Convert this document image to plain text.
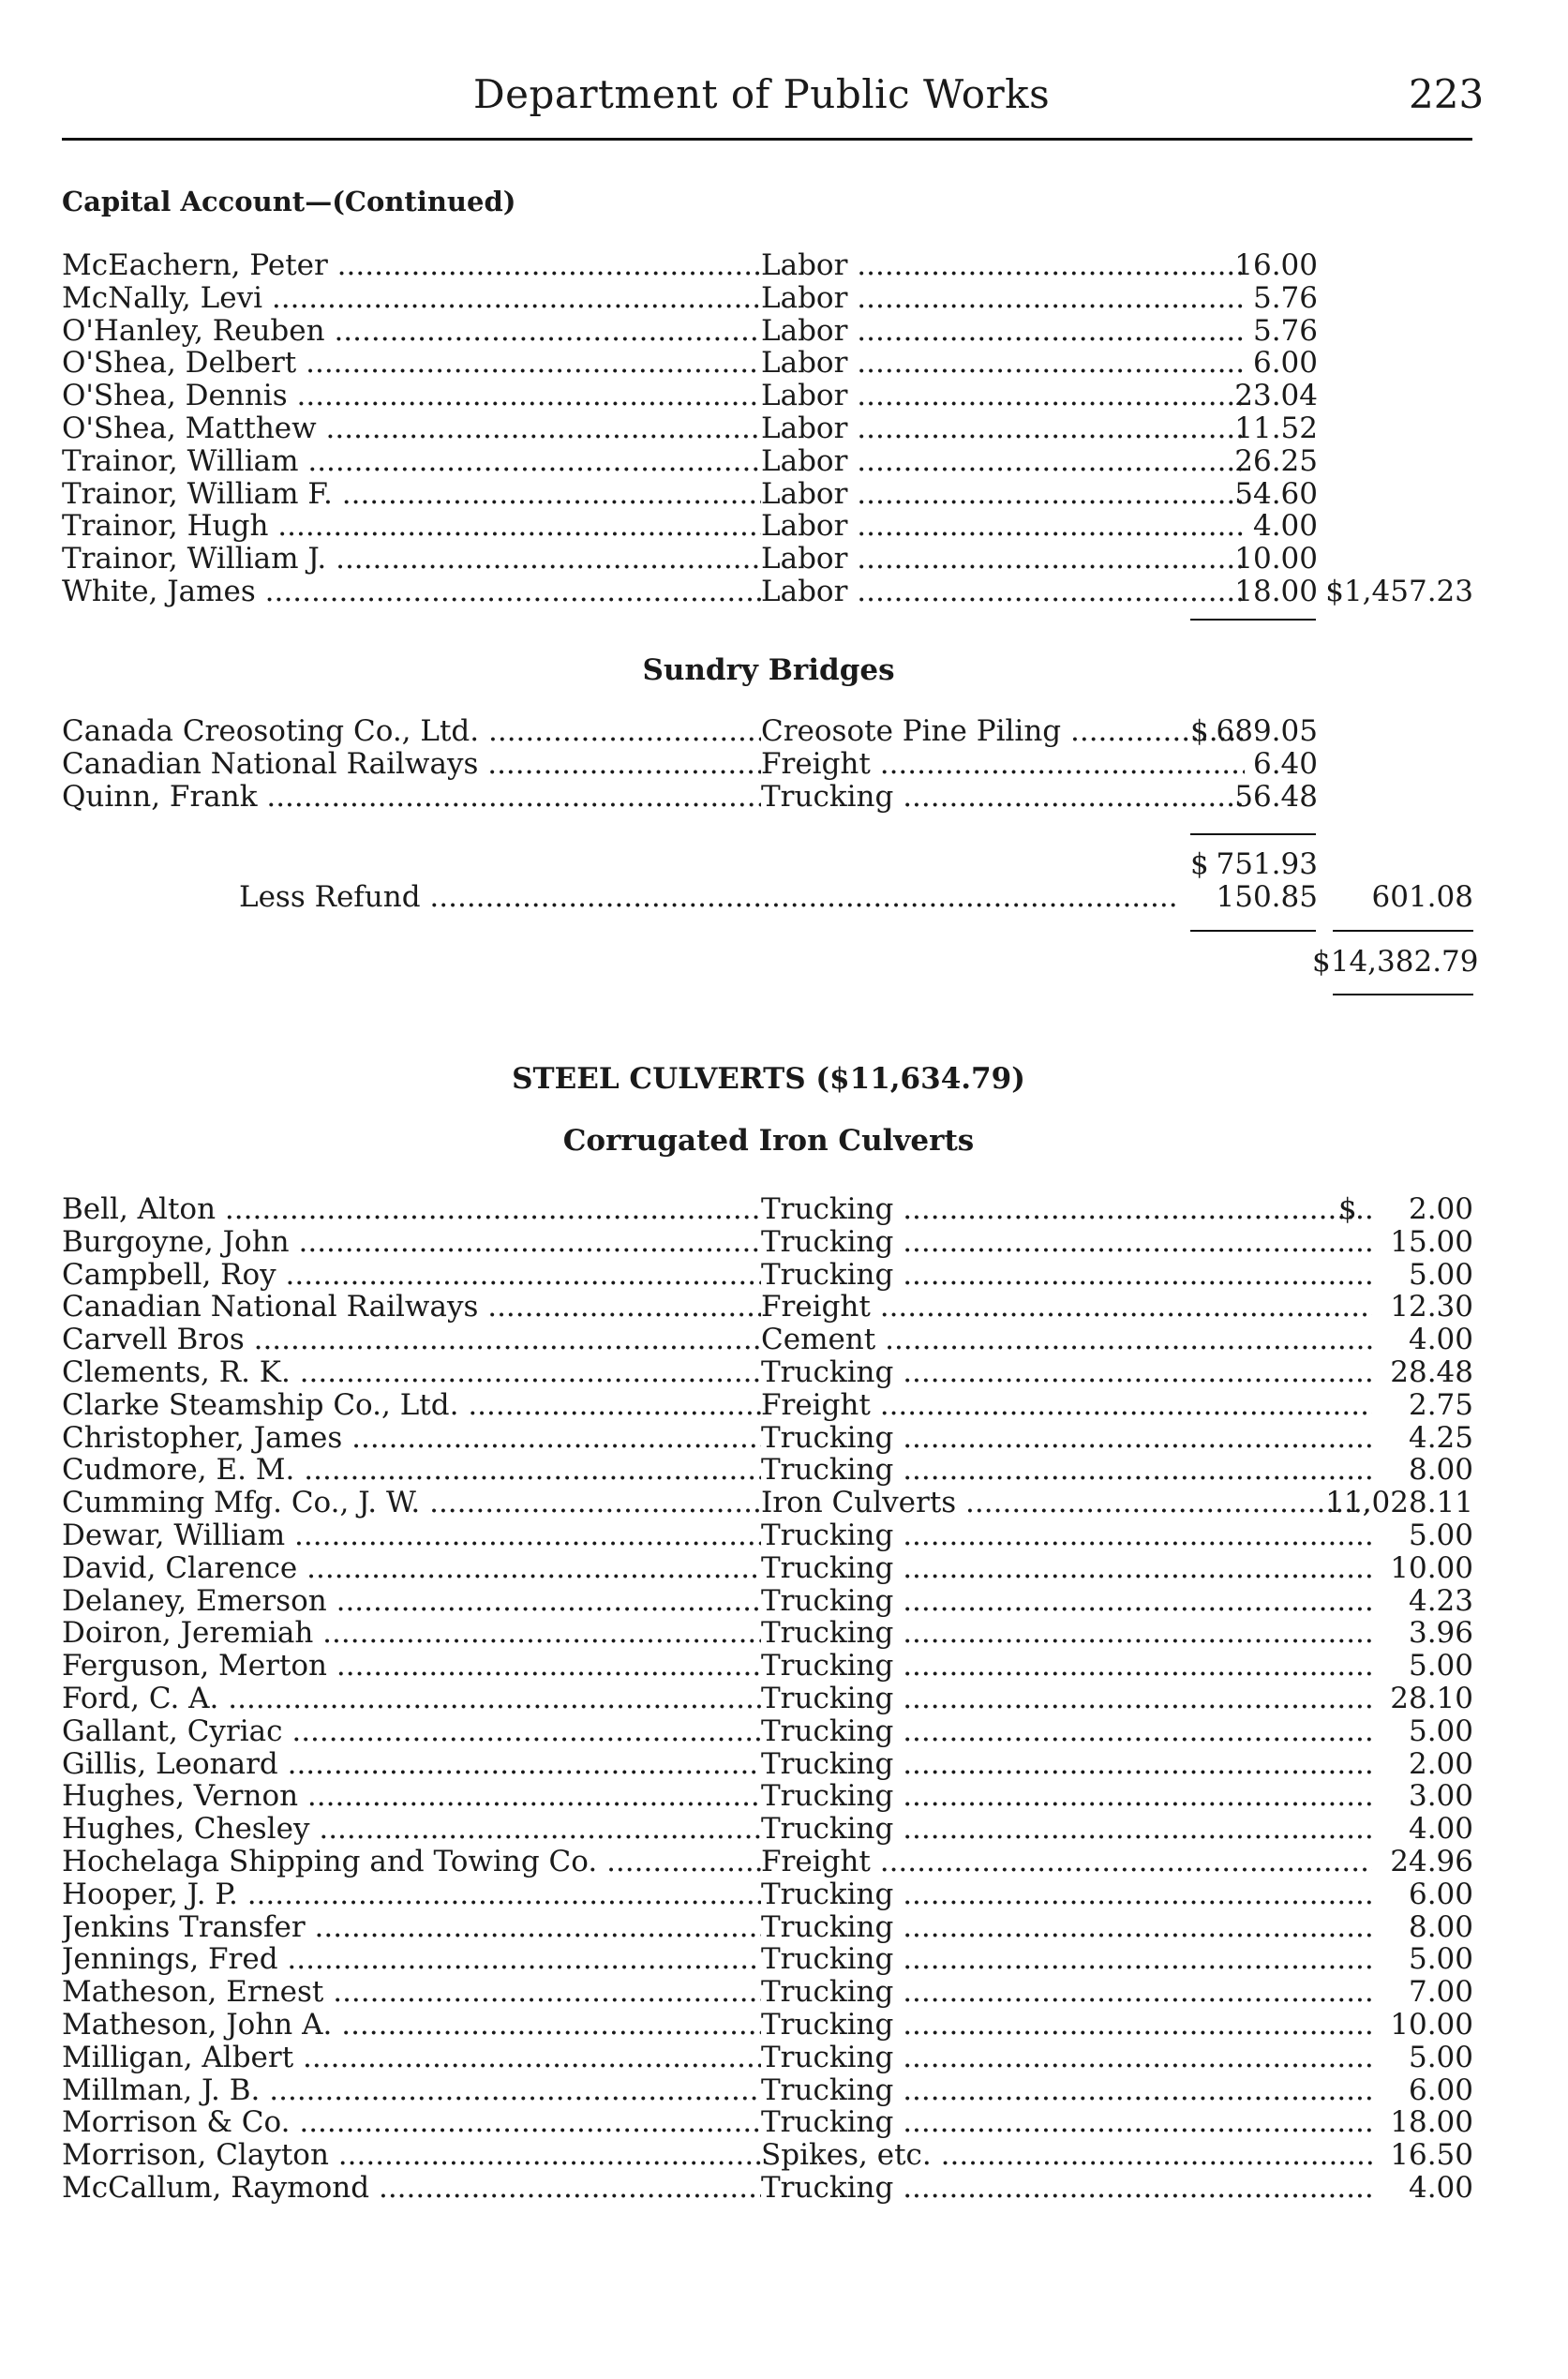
Department of Public Works	223
Capital Account—(Continued)
McEachern, Peter .....	Labor .....	16.00
McNally, Levi .....	Labor .....	5.76
O'Hanley, Reuben .....	Labor .....	5.76
O'Shea, Delbert .....	Labor .....	6.00
O'Shea, Dennis .....	Labor .....	23.04
O'Shea, Matthew .....	Labor .....	11.52
Trainor, William .....	Labor .....	26.25
Trainor, William F. .....	Labor .....	54.60
Trainor, Hugh .....	Labor .....	4.00
Trainor, William J. .....	Labor .....	10.00
White, James .....	Labor .....	18.00 $1,457.23
Sundry Bridges
Canada Creosoting Co., Ltd. .....	Creosote Pine Piling .....	689.05
$
Canadian National Railways .....	Freight .....	6.40
Quinn, Frank .....	Trucking .....	56.48
$ 751.93
Less Refund .....	150.85	601.08
$14,382.79
STEEL CULVERTS ($11,634.79)
Corrugated Iron Culverts
$
Bell, Alton .....	Trucking .....	2.00
Burgoyne, John .....	Trucking .....	15.00
Campbell, Roy .....	Trucking .....	5.00
Canadian National Railways .....	Freight .....	12.30
Carvell Bros .....	Cement .....	4.00
Clements, R. K. .....	Trucking .....	28.48
Clarke Steamship Co., Ltd. .....	Freight .....	2.75
Christopher, James .....	Trucking .....	4.25
Cudmore, E. M. .....	Trucking .....	8.00
Cumming Mfg. Co., J. W. .....	Iron Culverts .....	11,028.11
Dewar, William .....	Trucking .....	5.00
David, Clarence .....	Trucking .....	10.00
Delaney, Emerson .....	Trucking .....	4.23
Doiron, Jeremiah .....	Trucking .....	3.96
Ferguson, Merton .....	Trucking .....	5.00
Ford, C. A. .....	Trucking .....	28.10
Gallant, Cyriac .....	Trucking .....	5.00
Gillis, Leonard .....	Trucking .....	2.00
Hughes, Vernon .....	Trucking .....	3.00
Hughes, Chesley .....	Trucking .....	4.00
Hochelaga Shipping and Towing Co. .....	Freight .....	24.96
Hooper, J. P. .....	Trucking .....	6.00
Jenkins Transfer .....	Trucking .....	8.00
Jennings, Fred .....	Trucking .....	5.00
Matheson, Ernest .....	Trucking .....	7.00
Matheson, John A. .....	Trucking .....	10.00
Milligan, Albert .....	Trucking .....	5.00
Millman, J. B. .....	Trucking .....	6.00
Morrison & Co. .....	Trucking .....	18.00
Morrison, Clayton .....	Spikes, etc. .....	16.50
McCallum, Raymond .....	Trucking .....	4.00
